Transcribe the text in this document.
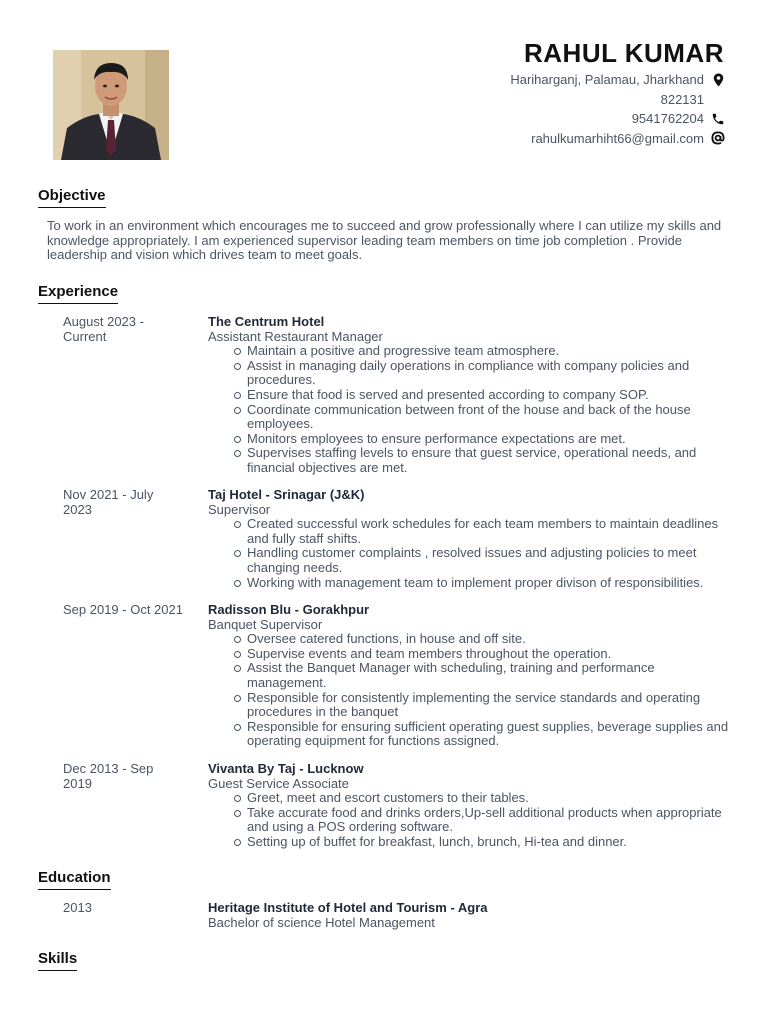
RAHUL KUMAR
Hariharganj, Palamau, Jharkhand
822131
9541762204
rahulkumarhiht66@gmail.com
Objective
To work in an environment which encourages me to succeed and grow professionally where I can utilize my skills and knowledge appropriately. I am experienced supervisor leading team members on time job completion . Provide leadership and vision which drives team to meet goals.
Experience
August 2023 - Current
The Centrum Hotel
Assistant Restaurant Manager
Maintain a positive and progressive team atmosphere.
Assist in managing daily operations in compliance with company policies and procedures.
Ensure that food is served and presented according to company SOP.
Coordinate communication between front of the house and back of the house employees.
Monitors employees to ensure performance expectations are met.
Supervises staffing levels to ensure that guest service, operational needs, and financial objectives are met.
Nov 2021 - July 2023
Taj Hotel - Srinagar (J&K)
Supervisor
Created successful work schedules for each team members to maintain deadlines and fully staff shifts.
Handling customer complaints , resolved issues and adjusting policies to meet changing needs.
Working with management team to implement proper divison of responsibilities.
Sep 2019 - Oct 2021 Radisson Blu - Gorakhpur
Banquet Supervisor
Oversee catered functions, in house and off site.
Supervise events and team members throughout the operation.
Assist the Banquet Manager with scheduling, training and performance management.
Responsible for consistently implementing the service standards and operating procedures in the banquet
Responsible for ensuring sufficient operating guest supplies, beverage supplies and operating equipment for functions assigned.
Dec 2013 - Sep 2019
Vivanta By Taj - Lucknow
Guest Service Associate
Greet, meet and escort customers to their tables.
Take accurate food and drinks orders,Up-sell additional products when appropriate and using a POS ordering software.
Setting up of buffet for breakfast, lunch, brunch, Hi-tea and dinner.
Education
2013	Heritage Institute of Hotel and Tourism - Agra
Bachelor of science Hotel Management
Skills
